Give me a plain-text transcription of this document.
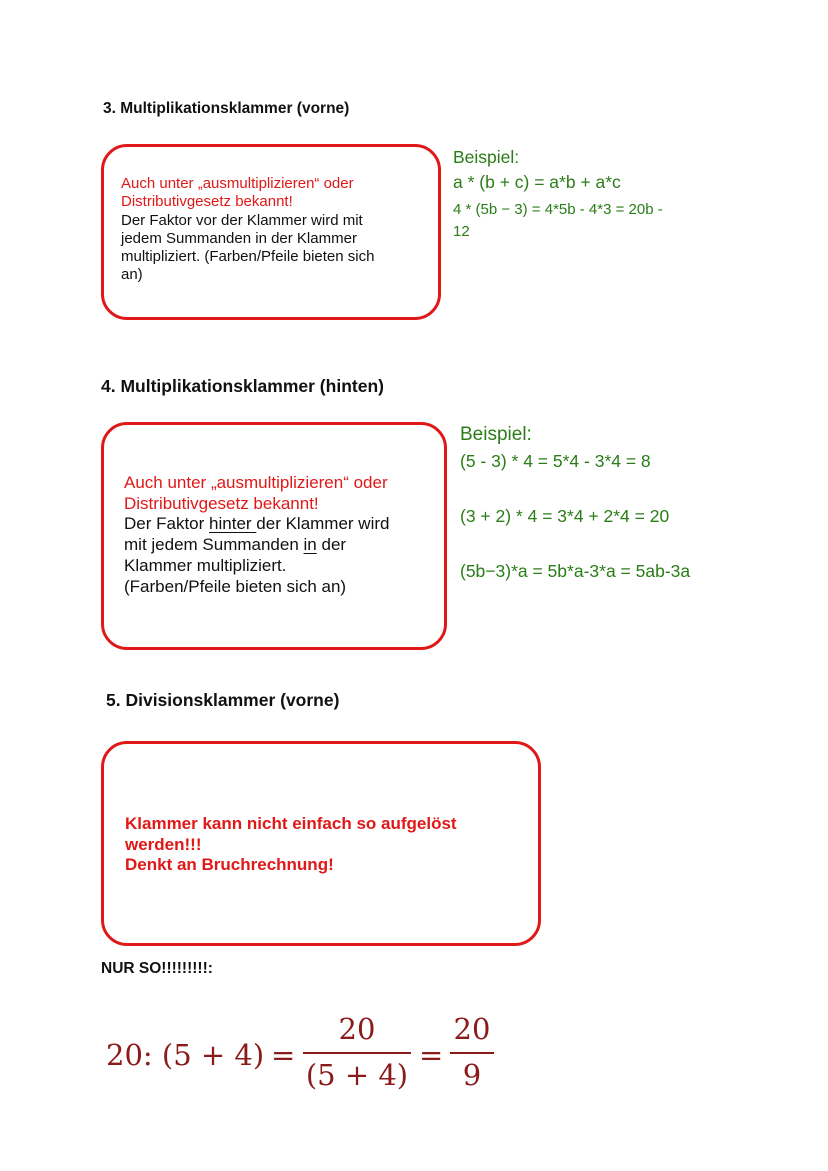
3. Multiplikationsklammer (vorne)
Auch unter „ausmultiplizieren“ oder
Distributivgesetz bekannt!
Der Faktor vor der Klammer wird mit
jedem Summanden in der Klammer
multipliziert. (Farben/Pfeile bieten sich
an)
Beispiel:
a * (b + c) = a*b + a*c
4 * (5b − 3) = 4*5b - 4*3 = 20b -
12
4. Multiplikationsklammer (hinten)
Auch unter „ausmultiplizieren“ oder
Distributivgesetz bekannt!
Der Faktor hinter der Klammer wird
mit jedem Summanden in der
Klammer multipliziert.
(Farben/Pfeile bieten sich an)
Beispiel:
(5 - 3) * 4 = 5*4 - 3*4 = 8
(3 + 2) * 4 = 3*4 + 2*4 = 20
(5b−3)*a = 5b*a-3*a = 5ab-3a
5. Divisionsklammer (vorne)
Klammer kann nicht einfach so aufgelöst
werden!!!
Denkt an Bruchrechnung!
NUR SO!!!!!!!!!:
20: (5 + 4) =
20
(5 + 4)
=
20
9
